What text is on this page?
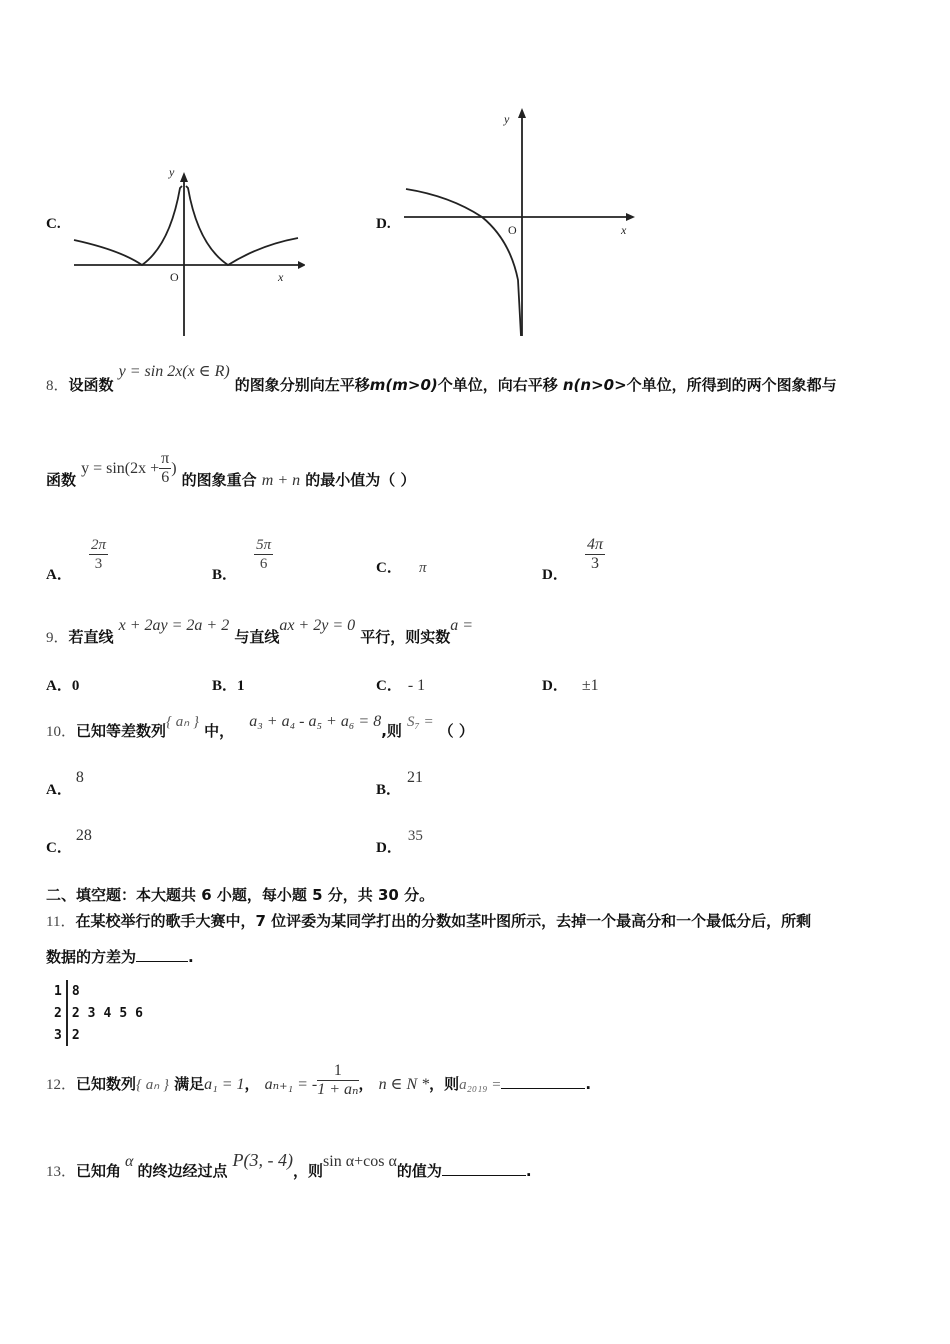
C.
y
x
O
D.
y
x
O
8．设函数 y = sin 2x(x ∈ R) 的图象分别向左平移m(m>0)个单位，向右平移 n(n>0>个单位，所得到的两个图象都与
函数 $y = \sin(2x + \frac{\pi}{6}$ ) 的图象重合 m + n 的最小值为（ ）
A．
$\frac{2\pi}{3}$
B．
$\frac{5\pi}{6}$	C． π	D．
$\frac{4\pi}{3}$
9．若直线 x + 2ay = 2a + 2 与直线ax + 2y = 0 平行，则实数a =
A．0	B．1	C． - 1	D． ±1
10．已知等差数列{ aₙ } 中， a₃ + a₄ - a₅ + a₆ = 8,则 S₇ = （ ）
A．8
B．21
C．28
D．35
二、填空题：本大题共 6 小题，每小题 5 分，共 30 分。
11．在某校举行的歌手大赛中，7 位评委为某同学打出的分数如茎叶图所示，去掉一个最高分和一个最低分后，所剩
数据的方差为	.
1	8				
2	2	3	4	5	6
3	2				
12．已知数列{ aₙ } 满足a₁ = 1， aₙ₊₁ = - $\frac{1}{\text{1 + aₙ}}$ ， n ∈ N *，则a₂₀₁₉ =	.
13．已知角α的终边经过点 P(3, - 4)，则sin α+cos α的值为	.
